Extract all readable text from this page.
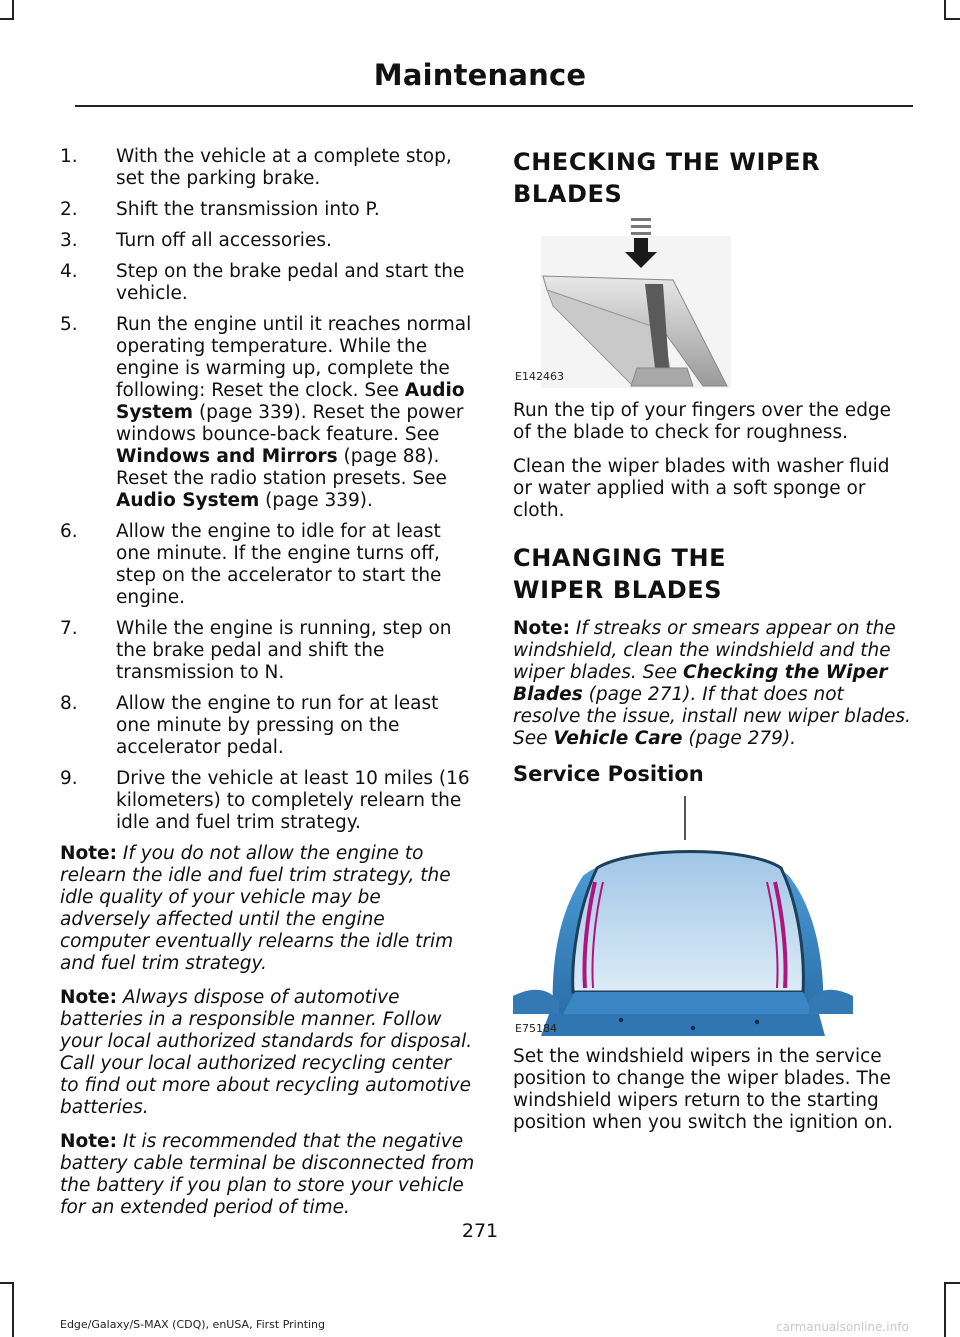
Maintenance
1.	With the vehicle at a complete stop, set the parking brake.
2.	Shift the transmission into P.
3.	Turn off all accessories.
4.	Step on the brake pedal and start the vehicle.
5.	Run the engine until it reaches normal operating temperature. While the engine is warming up, complete the following: Reset the clock. See Audio System (page 339). Reset the power windows bounce-back feature. See Windows and Mirrors (page 88). Reset the radio station presets. See Audio System (page 339).
6.	Allow the engine to idle for at least one minute. If the engine turns off, step on the accelerator to start the engine.
7.	While the engine is running, step on the brake pedal and shift the transmission to N.
8.	Allow the engine to run for at least one minute by pressing on the accelerator pedal.
9.	Drive the vehicle at least 10 miles (16 kilometers) to completely relearn the idle and fuel trim strategy.

Note: If you do not allow the engine to relearn the idle and fuel trim strategy, the idle quality of your vehicle may be adversely affected until the engine computer eventually relearns the idle trim and fuel trim strategy.

Note: Always dispose of automotive batteries in a responsible manner. Follow your local authorized standards for disposal. Call your local authorized recycling center to find out more about recycling automotive batteries.

Note: It is recommended that the negative battery cable terminal be disconnected from the battery if you plan to store your vehicle for an extended period of time.

CHECKING THE WIPER BLADES
E142463

Run the tip of your fingers over the edge of the blade to check for roughness.

Clean the wiper blades with washer fluid or water applied with a soft sponge or cloth.

CHANGING THE WIPER BLADES

Note: If streaks or smears appear on the windshield, clean the windshield and the wiper blades. See Checking the Wiper Blades (page 271). If that does not resolve the issue, install new wiper blades. See Vehicle Care (page 279).

Service Position
E75184

Set the windshield wipers in the service position to change the wiper blades. The windshield wipers return to the starting position when you switch the ignition on.

271
Edge/Galaxy/S-MAX (CDQ), enUSA, First Printing	carmanualsonline.info
